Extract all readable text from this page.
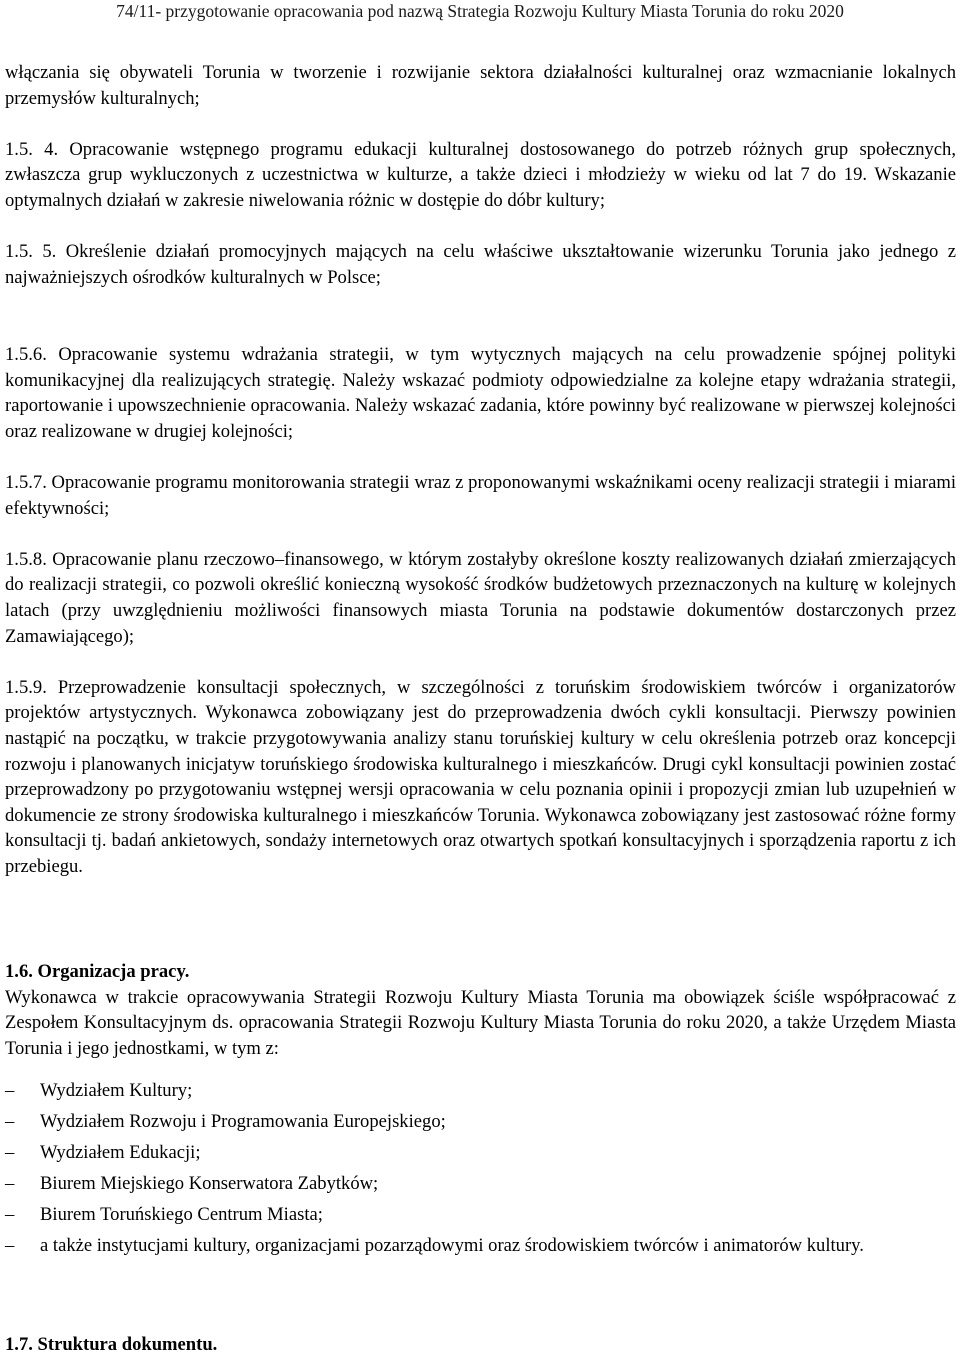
74/11- przygotowanie opracowania pod nazwą Strategia Rozwoju Kultury Miasta Torunia do roku 2020

włączania się obywateli Torunia w tworzenie i rozwijanie sektora działalności kulturalnej oraz wzmacnianie lokalnych przemysłów kulturalnych;

1.5. 4. Opracowanie wstępnego programu edukacji kulturalnej dostosowanego do potrzeb różnych grup społecznych, zwłaszcza grup wykluczonych z uczestnictwa w kulturze, a także dzieci i młodzieży w wieku od lat 7 do 19. Wskazanie optymalnych działań w zakresie niwelowania różnic w dostępie do dóbr kultury;

1.5. 5. Określenie działań promocyjnych mających na celu właściwe ukształtowanie wizerunku Torunia jako jednego z najważniejszych ośrodków kulturalnych w Polsce;

1.5.6. Opracowanie systemu wdrażania strategii, w tym wytycznych mających na celu prowadzenie spójnej polityki komunikacyjnej dla realizujących strategię. Należy wskazać podmioty odpowiedzialne za kolejne etapy wdrażania strategii, raportowanie i upowszechnienie opracowania. Należy wskazać zadania, które powinny być realizowane w pierwszej kolejności oraz realizowane w drugiej kolejności;

1.5.7. Opracowanie programu monitorowania strategii wraz z proponowanymi wskaźnikami oceny realizacji strategii i miarami efektywności;

1.5.8. Opracowanie planu rzeczowo–finansowego, w którym zostałyby określone koszty realizowanych działań zmierzających do realizacji strategii, co pozwoli określić konieczną wysokość środków budżetowych przeznaczonych na kulturę w kolejnych latach (przy uwzględnieniu możliwości finansowych miasta Torunia na podstawie dokumentów dostarczonych przez Zamawiającego);

1.5.9. Przeprowadzenie konsultacji społecznych, w szczególności z toruńskim środowiskiem twórców i organizatorów projektów artystycznych. Wykonawca zobowiązany jest do przeprowadzenia dwóch cykli konsultacji. Pierwszy powinien nastąpić na początku, w trakcie przygotowywania analizy stanu toruńskiej kultury w celu określenia potrzeb oraz koncepcji rozwoju i planowanych inicjatyw toruńskiego środowiska kulturalnego i mieszkańców. Drugi cykl konsultacji powinien zostać przeprowadzony po przygotowaniu wstępnej wersji opracowania w celu poznania opinii i propozycji zmian lub uzupełnień w dokumencie ze strony środowiska kulturalnego i mieszkańców Torunia. Wykonawca zobowiązany jest zastosować różne formy konsultacji tj. badań ankietowych, sondaży internetowych oraz otwartych spotkań konsultacyjnych i sporządzenia raportu z ich przebiegu.

1.6. Organizacja pracy.

Wykonawca w trakcie opracowywania Strategii Rozwoju Kultury Miasta Torunia ma obowiązek ściśle współpracować z Zespołem Konsultacyjnym ds. opracowania Strategii Rozwoju Kultury Miasta Torunia do roku 2020, a także Urzędem Miasta Torunia i jego jednostkami, w tym z:

–	Wydziałem Kultury;
–	Wydziałem Rozwoju i Programowania Europejskiego;
–	Wydziałem Edukacji;
–	Biurem Miejskiego Konserwatora Zabytków;
–	Biurem Toruńskiego Centrum Miasta;
–	a także instytucjami kultury, organizacjami pozarządowymi oraz środowiskiem twórców i animatorów kultury.

1.7. Struktura dokumentu.
